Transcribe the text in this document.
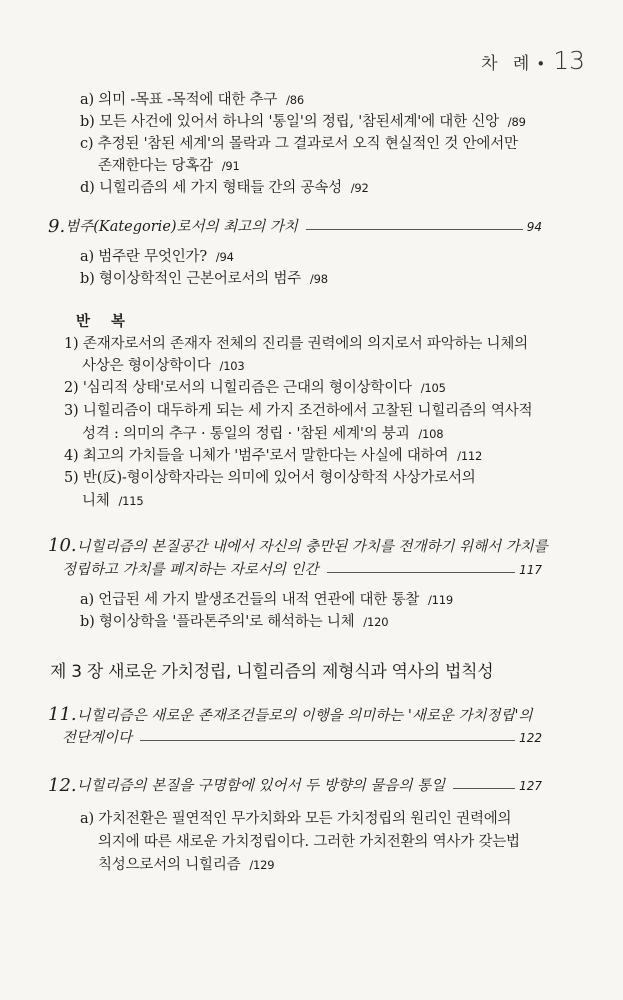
차 례 • 13
a) 의미 -목표 -목적에 대한 추구 /86
b) 모든 사건에 있어서 하나의 '통일'의 정립, '참된세계'에 대한 신앙 /89
c) 추정된 '참된 세계'의 몰락과 그 결과로서 오직 현실적인 것 안에서만
존재한다는 당혹감 /91
d) 니힐리즘의 세 가지 형태들 간의 공속성 /92
9. 범주(Kategorie)로서의 최고의 가치	94
a) 범주란 무엇인가? /94
b) 형이상학적인 근본어로서의 범주 /98
반 복
1) 존재자로서의 존재자 전체의 진리를 권력에의 의지로서 파악하는 니체의
사상은 형이상학이다 /103
2) '심리적 상태'로서의 니힐리즘은 근대의 형이상학이다 /105
3) 니힐리즘이 대두하게 되는 세 가지 조건하에서 고찰된 니힐리즘의 역사적
성격 : 의미의 추구 · 통일의 정립 · '참된 세계'의 붕괴 /108
4) 최고의 가치들을 니체가 '범주'로서 말한다는 사실에 대하여 /112
5) 반(反)-형이상학자라는 의미에 있어서 형이상학적 사상가로서의
니체 /115
10.니힐리즘의 본질공간 내에서 자신의 충만된 가치를 전개하기 위해서 가치를
정립하고 가치를 폐지하는 자로서의 인간	117
a) 언급된 세 가지 발생조건들의 내적 연관에 대한 통찰 /119
b) 형이상학을 '플라톤주의'로 해석하는 니체 /120
제 3 장 새로운 가치정립, 니힐리즘의 제형식과 역사의 법칙성
11.니힐리즘은 새로운 존재조건들로의 이행을 의미하는 '새로운 가치정립'의
전단계이다	122
12. 니힐리즘의 본질을 구명함에 있어서 두 방향의 물음의 통일	127
a) 가치전환은 필연적인 무가치화와 모든 가치정립의 원리인 권력에의
의지에 따른 새로운 가치정립이다. 그러한 가치전환의 역사가 갖는법
칙성으로서의 니힐리즘 /129
